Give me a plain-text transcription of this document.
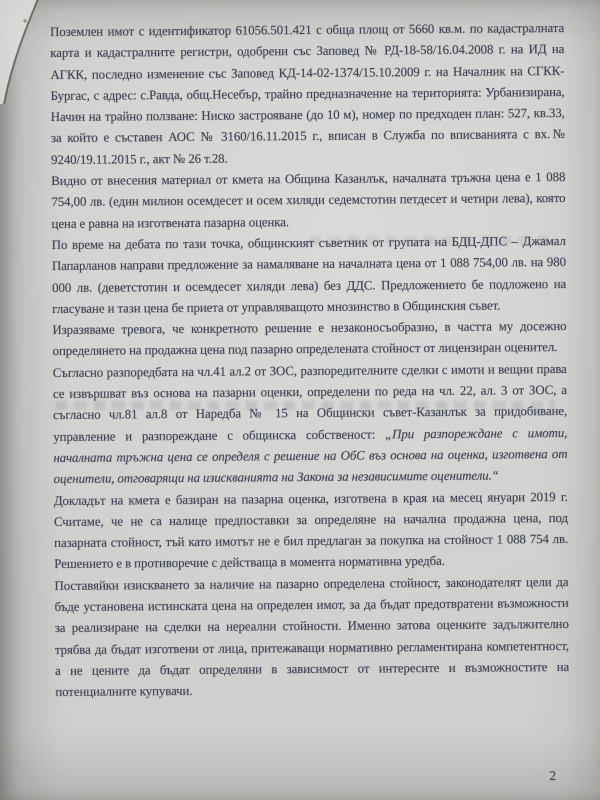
Поземлен имот с идентификатор 61056.501.421 с обща площ от 5660 кв.м. по кадастралната карта и кадастралните регистри, одобрени със Заповед № РД-18-58/16.04.2008 г. на ИД на АГКК, последно изменение със Заповед КД-14-02-1374/15.10.2009 г. на Началник на СГКК- Бургас, с адрес: с.Равда, общ.Несебър, трайно предназначение на територията: Урбанизирана, Начин на трайно ползване: Ниско застрояване (до 10 м), номер по предходен план: 527, кв.33, за който е съставен АОС № 3160/16.11.2015 г., вписан в Служба по вписванията с вх.№ 9240/19.11.2015 г., акт № 26 т.28.

Видно от внесения материал от кмета на Община Казанлък, началната тръжна цена е 1 088 754,00 лв. (един милион осемдесет и осем хиляди седемстотин петдесет и четири лева), която цена е равна на изготвената пазарна оценка.

По време на дебата по тази точка, общинският съветник от групата на БДЦ-ДПС – Джамал Папарланов направи предложение за намаляване на началната цена от 1 088 754,00 лв. на 980 000 лв. (деветстотин и осемдесет хиляди лева) без ДДС. Предложението бе подложено на гласуване и тази цена бе приета от управляващото мнозинство в Общинския съвет.

Изразяваме тревога, че конкретното решение е незаконосъобразно, в частта му досежно определянето на продажна цена под пазарно определената стойност от лицензиран оценител.

Съгласно разпоредбата на чл.41 ал.2 от ЗОС, разпоредителните сделки с имоти и вещни права се извършват въз основа на пазарни оценки, определени по реда на чл. 22, ал. 3 от ЗОС, а съгласно чл.81 ал.8 от Наредба № 15 на Общински съвет-Казанлък за придобиване, управление и разпореждане с общинска собственост: „При разпореждане с имоти, началната тръжна цена се определя с решение на ОбС въз основа на оценка, изготвена от оценители, отговарящи на изискванията на Закона за независимите оценители.“

Докладът на кмета е базиран на пазарна оценка, изготвена в края на месец януари 2019 г. Считаме, че не са налице предпоставки за определяне на начална продажна цена, под пазарната стойност, тъй като имотът не е бил предлаган за покупка на стойност 1 088 754 лв. Решението е в противоречие с действаща в момента нормативна уредба.

Поставяйки изискването за наличие на пазарно определена стойност, законодателят цели да бъде установена истинската цена на определен имот, за да бъдат предотвратени възможности за реализиране на сделки на нереални стойности. Именно затова оценките задължително трябва да бъдат изготвени от лица, притежаващи нормативно регламентирана компетентност, а не цените да бъдат определяни в зависимост от интересите и възможностите на потенциалните купувачи.

2
